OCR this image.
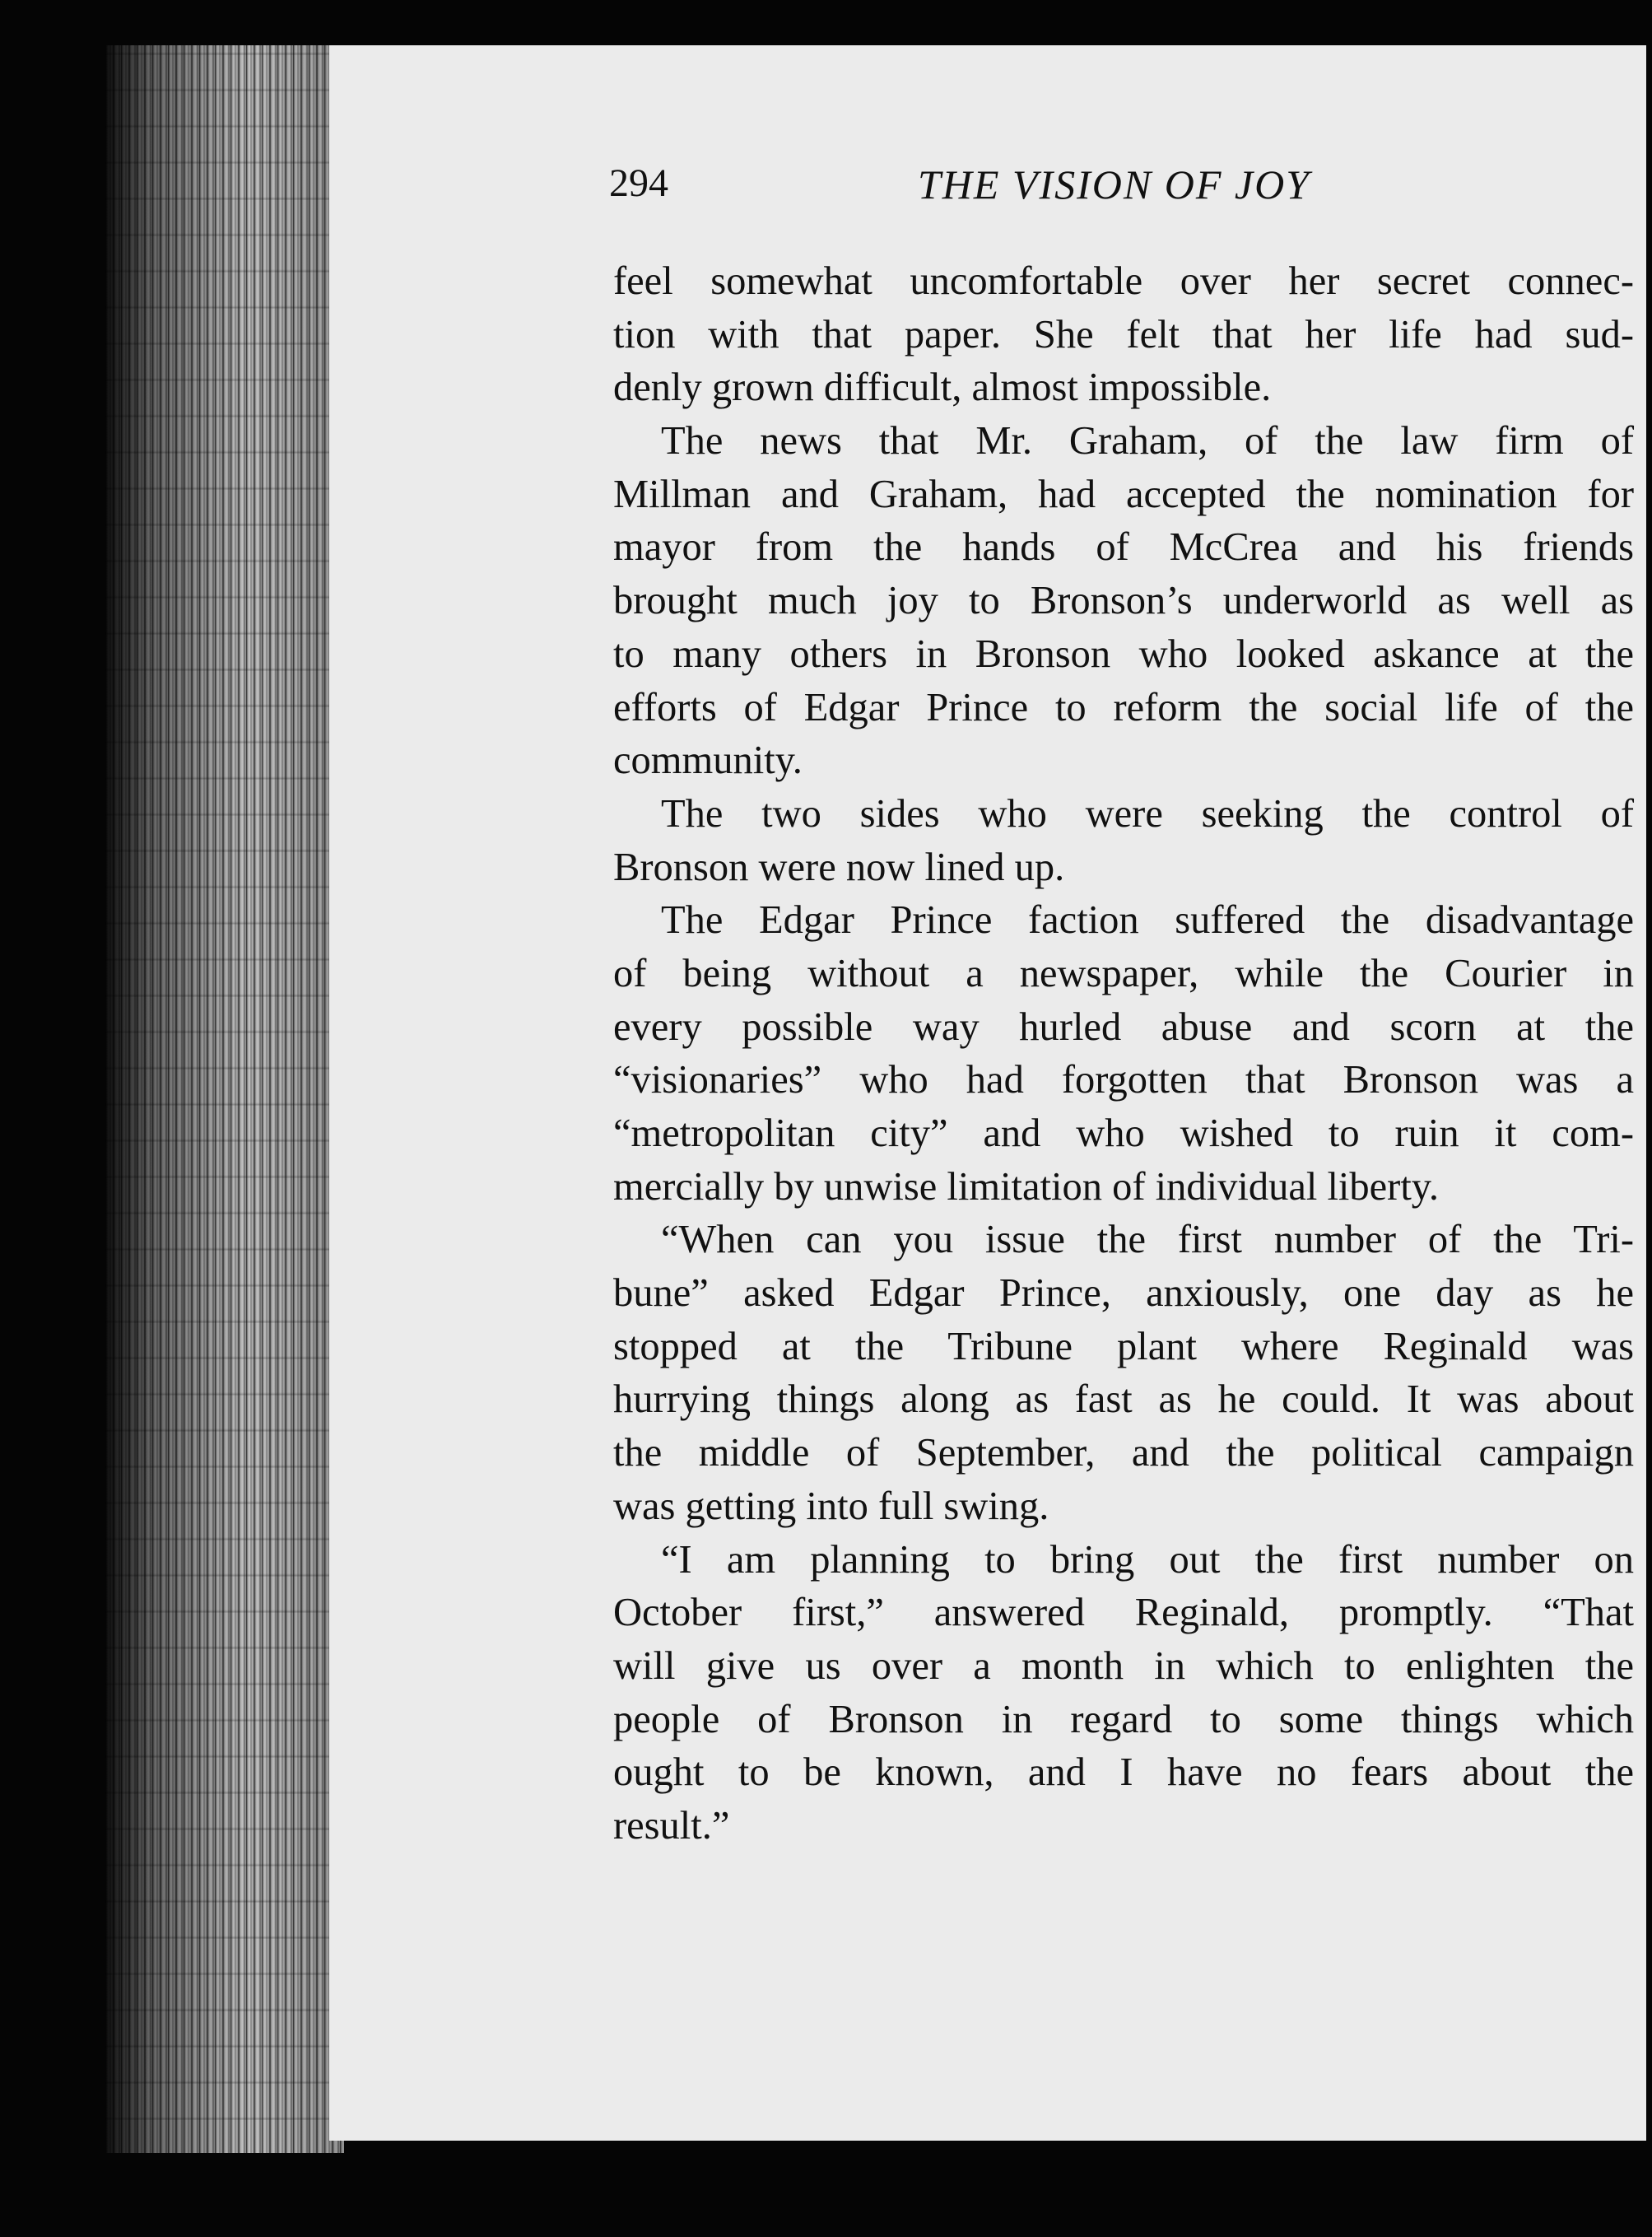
294	THE VISION OF JOY
feel somewhat uncomfortable over her secret connec-
tion with that paper. She felt that her life had sud-
denly grown difficult, almost impossible.
The news that Mr. Graham, of the law firm of
Millman and Graham, had accepted the nomination for
mayor from the hands of McCrea and his friends
brought much joy to Bronson’s underworld as well as
to many others in Bronson who looked askance at the
efforts of Edgar Prince to reform the social life of the
community.
The two sides who were seeking the control of
Bronson were now lined up.
The Edgar Prince faction suffered the disadvantage
of being without a newspaper, while the Courier in
every possible way hurled abuse and scorn at the
“visionaries” who had forgotten that Bronson was a
“metropolitan city” and who wished to ruin it com-
mercially by unwise limitation of individual liberty.
“When can you issue the first number of the Tri-
bune” asked Edgar Prince, anxiously, one day as he
stopped at the Tribune plant where Reginald was
hurrying things along as fast as he could. It was about
the middle of September, and the political campaign
was getting into full swing.
“I am planning to bring out the first number on
October first,” answered Reginald, promptly. “That
will give us over a month in which to enlighten the
people of Bronson in regard to some things which
ought to be known, and I have no fears about the
result.”
